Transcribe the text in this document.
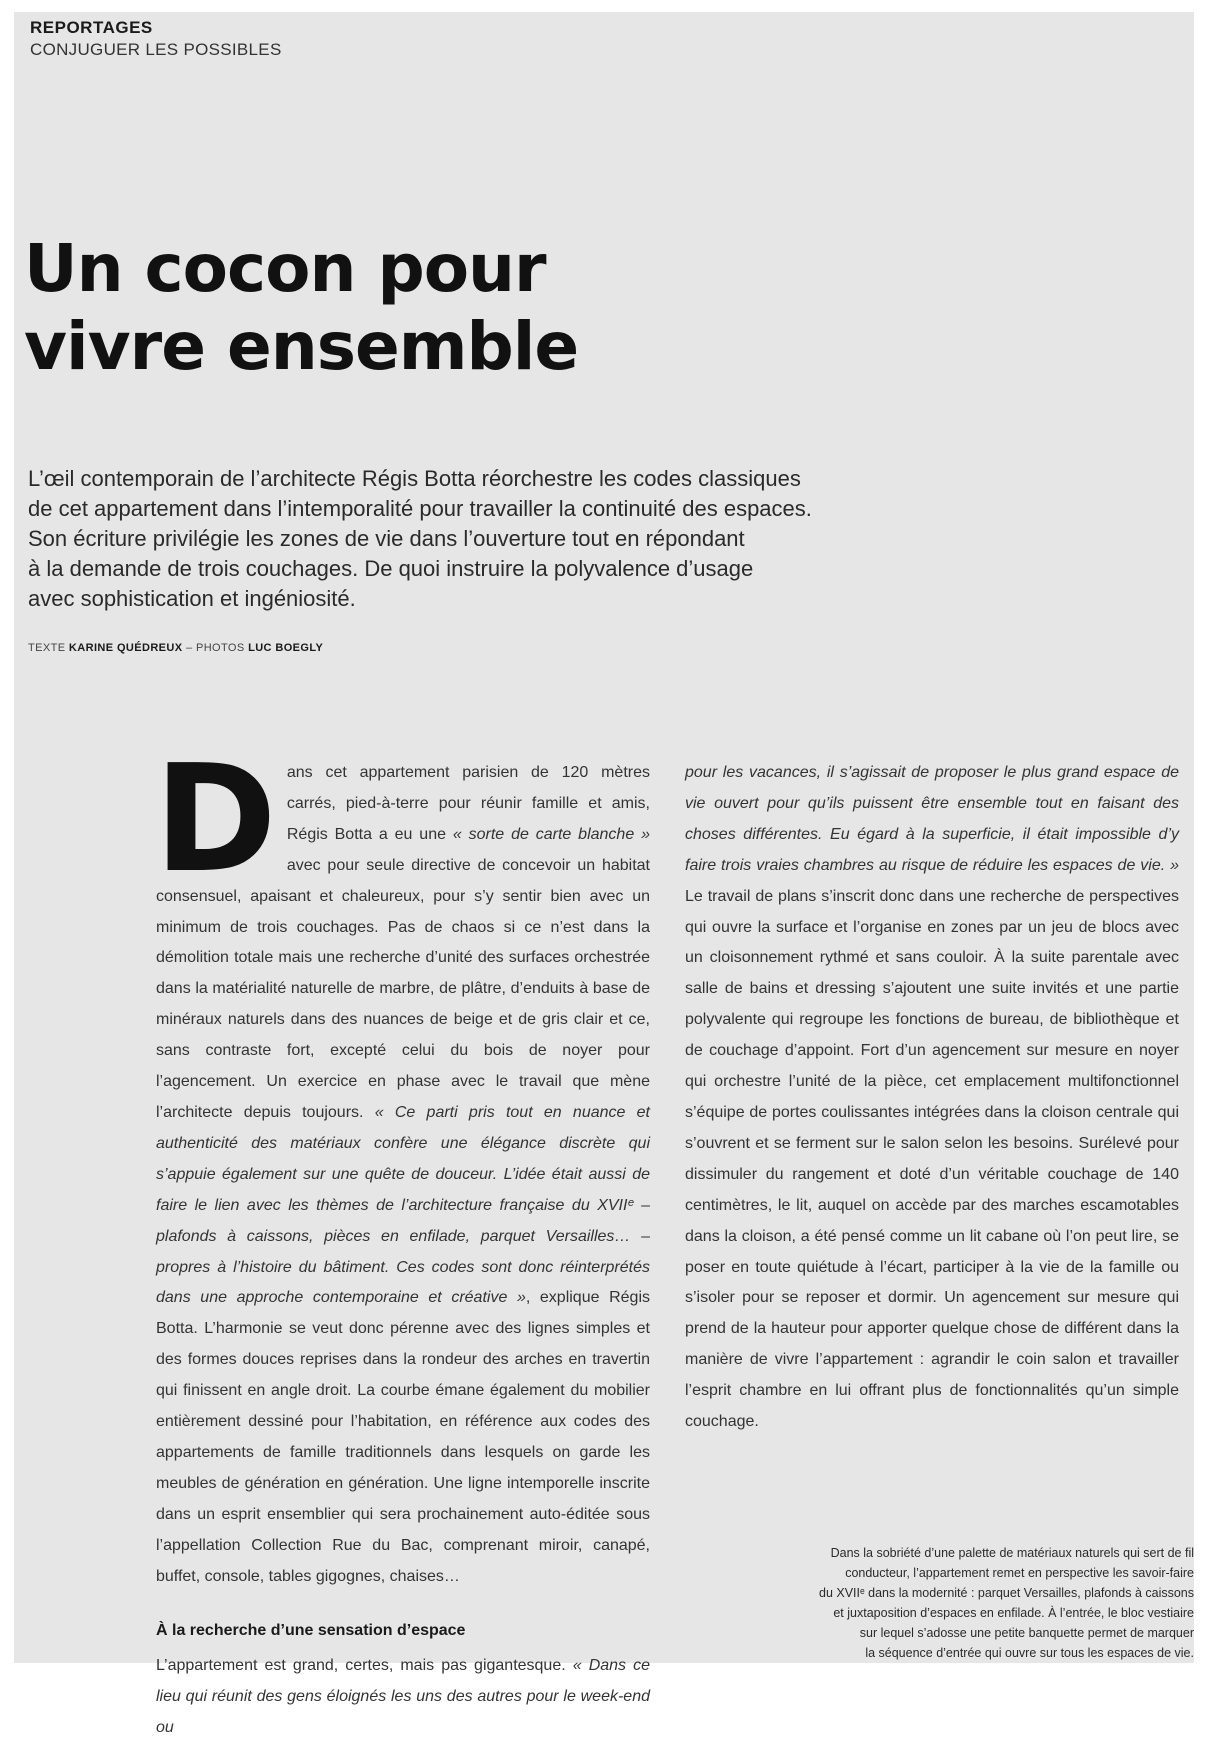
REPORTAGES
CONJUGUER LES POSSIBLES
Un cocon pour
vivre ensemble
L’œil contemporain de l’architecte Régis Botta réorchestre les codes classiques
de cet appartement dans l’intemporalité pour travailler la continuité des espaces.
Son écriture privilégie les zones de vie dans l’ouverture tout en répondant
à la demande de trois couchages. De quoi instruire la polyvalence d’usage
avec sophistication et ingéniosité.
TEXTE KARINE QUÉDREUX – PHOTOS LUC BOEGLY

Dans cet appartement parisien de 120 mètres carrés, pied-à-terre pour réunir famille et amis, Régis Botta a eu une « sorte de carte blanche » avec pour seule directive de concevoir un habitat consensuel, apaisant et chaleureux, pour s’y sentir bien avec un minimum de trois couchages. Pas de chaos si ce n’est dans la démolition totale mais une recherche d’unité des surfaces orchestrée dans la matérialité naturelle de marbre, de plâtre, d’enduits à base de minéraux naturels dans des nuances de beige et de gris clair et ce, sans contraste fort, excepté celui du bois de noyer pour l’agencement. Un exercice en phase avec le travail que mène l’architecte depuis toujours. « Ce parti pris tout en nuance et authenticité des matériaux confère une élégance discrète qui s’appuie également sur une quête de douceur. L’idée était aussi de faire le lien avec les thèmes de l’architecture française du XVIIᵉ – plafonds à caissons, pièces en enfilade, parquet Versailles… – propres à l’histoire du bâtiment. Ces codes sont donc réinterprétés dans une approche contemporaine et créative », explique Régis Botta. L’harmonie se veut donc pérenne avec des lignes simples et des formes douces reprises dans la rondeur des arches en travertin qui finissent en angle droit. La courbe émane également du mobilier entièrement dessiné pour l’habitation, en référence aux codes des appartements de famille traditionnels dans lesquels on garde les meubles de génération en génération. Une ligne intemporelle inscrite dans un esprit ensemblier qui sera prochainement auto-éditée sous l’appellation Collection Rue du Bac, comprenant miroir, canapé, buffet, console, tables gigognes, chaises…

À la recherche d’une sensation d’espace

L’appartement est grand, certes, mais pas gigantesque. « Dans ce lieu qui réunit des gens éloignés les uns des autres pour le week-end ou

pour les vacances, il s’agissait de proposer le plus grand espace de vie ouvert pour qu’ils puissent être ensemble tout en faisant des choses différentes. Eu égard à la superficie, il était impossible d’y faire trois vraies chambres au risque de réduire les espaces de vie. » Le travail de plans s’inscrit donc dans une recherche de perspectives qui ouvre la surface et l’organise en zones par un jeu de blocs avec un cloisonnement rythmé et sans couloir. À la suite parentale avec salle de bains et dressing s’ajoutent une suite invités et une partie polyvalente qui regroupe les fonctions de bureau, de bibliothèque et de couchage d’appoint. Fort d’un agencement sur mesure en noyer qui orchestre l’unité de la pièce, cet emplacement multifonctionnel s’équipe de portes coulissantes intégrées dans la cloison centrale qui s’ouvrent et se ferment sur le salon selon les besoins. Surélevé pour dissimuler du rangement et doté d’un véritable couchage de 140 centimètres, le lit, auquel on accède par des marches escamotables dans la cloison, a été pensé comme un lit cabane où l’on peut lire, se poser en toute quiétude à l’écart, participer à la vie de la famille ou s’isoler pour se reposer et dormir. Un agencement sur mesure qui prend de la hauteur pour apporter quelque chose de différent dans la manière de vivre l’appartement : agrandir le coin salon et travailler l’esprit chambre en lui offrant plus de fonctionnalités qu’un simple couchage.

Dans la sobriété d’une palette de matériaux naturels qui sert de fil
conducteur, l’appartement remet en perspective les savoir-faire
du XVIIᵉ dans la modernité : parquet Versailles, plafonds à caissons
et juxtaposition d’espaces en enfilade. À l’entrée, le bloc vestiaire
sur lequel s’adosse une petite banquette permet de marquer
la séquence d’entrée qui ouvre sur tous les espaces de vie.
